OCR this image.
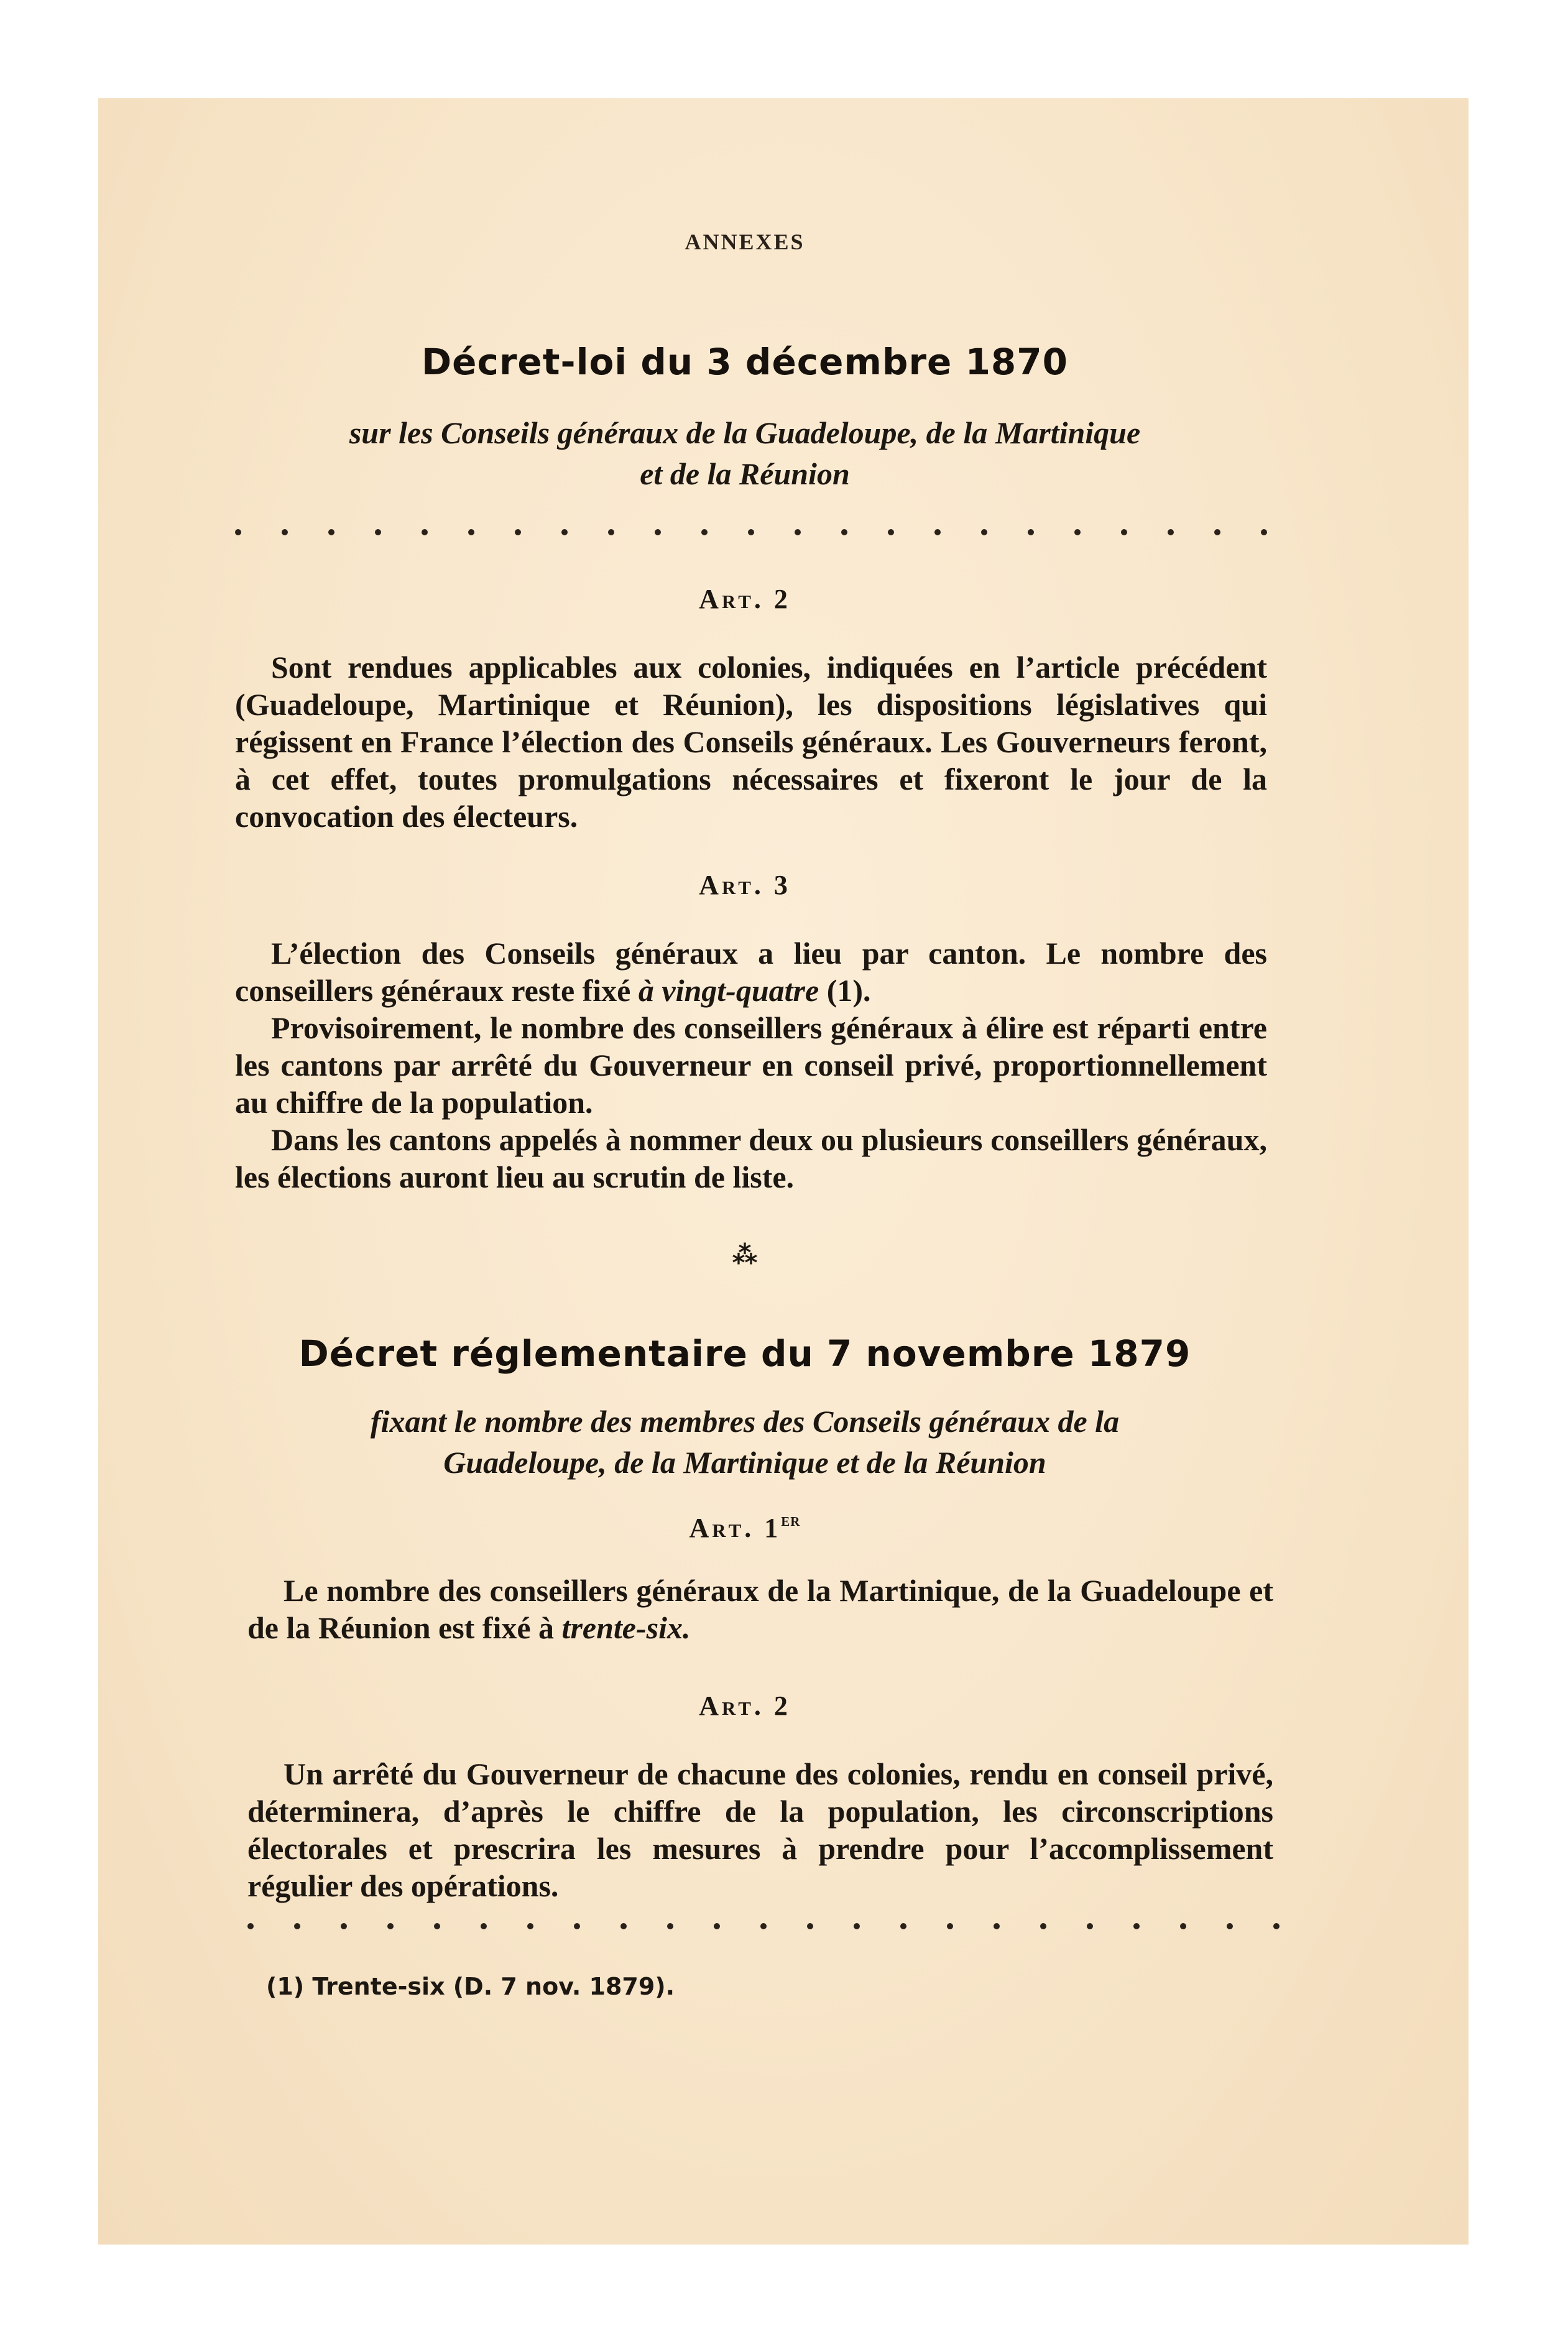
ANNEXES
Décret-loi du 3 décembre 1870
sur les Conseils généraux de la Guadeloupe, de la Martinique
et de la Réunion
Art. 2

Sont rendues applicables aux colonies, indiquées en l’article précédent (Guadeloupe, Martinique et Réunion), les dispositions législatives qui régissent en France l’élection des Conseils généraux. Les Gouverneurs feront, à cet effet, toutes promulgations nécessaires et fixeront le jour de la convocation des électeurs.

Art. 3

L’élection des Conseils généraux a lieu par canton. Le nombre des conseillers généraux reste fixé à vingt-quatre (1).

Provisoirement, le nombre des conseillers généraux à élire est réparti entre les cantons par arrêté du Gouverneur en conseil privé, proportionnellement au chiffre de la population.

Dans les cantons appelés à nommer deux ou plusieurs conseillers généraux, les élections auront lieu au scrutin de liste.

⁂
Décret réglementaire du 7 novembre 1879
fixant le nombre des membres des Conseils généraux de la
Guadeloupe, de la Martinique et de la Réunion
Art. 1er

Le nombre des conseillers généraux de la Martinique, de la Guadeloupe et de la Réunion est fixé à trente-six.

Art. 2

Un arrêté du Gouverneur de chacune des colonies, rendu en conseil privé, déterminera, d’après le chiffre de la population, les circonscriptions électorales et prescrira les mesures à prendre pour l’accomplissement régulier des opérations.

(1) Trente-six (D. 7 nov. 1879).
